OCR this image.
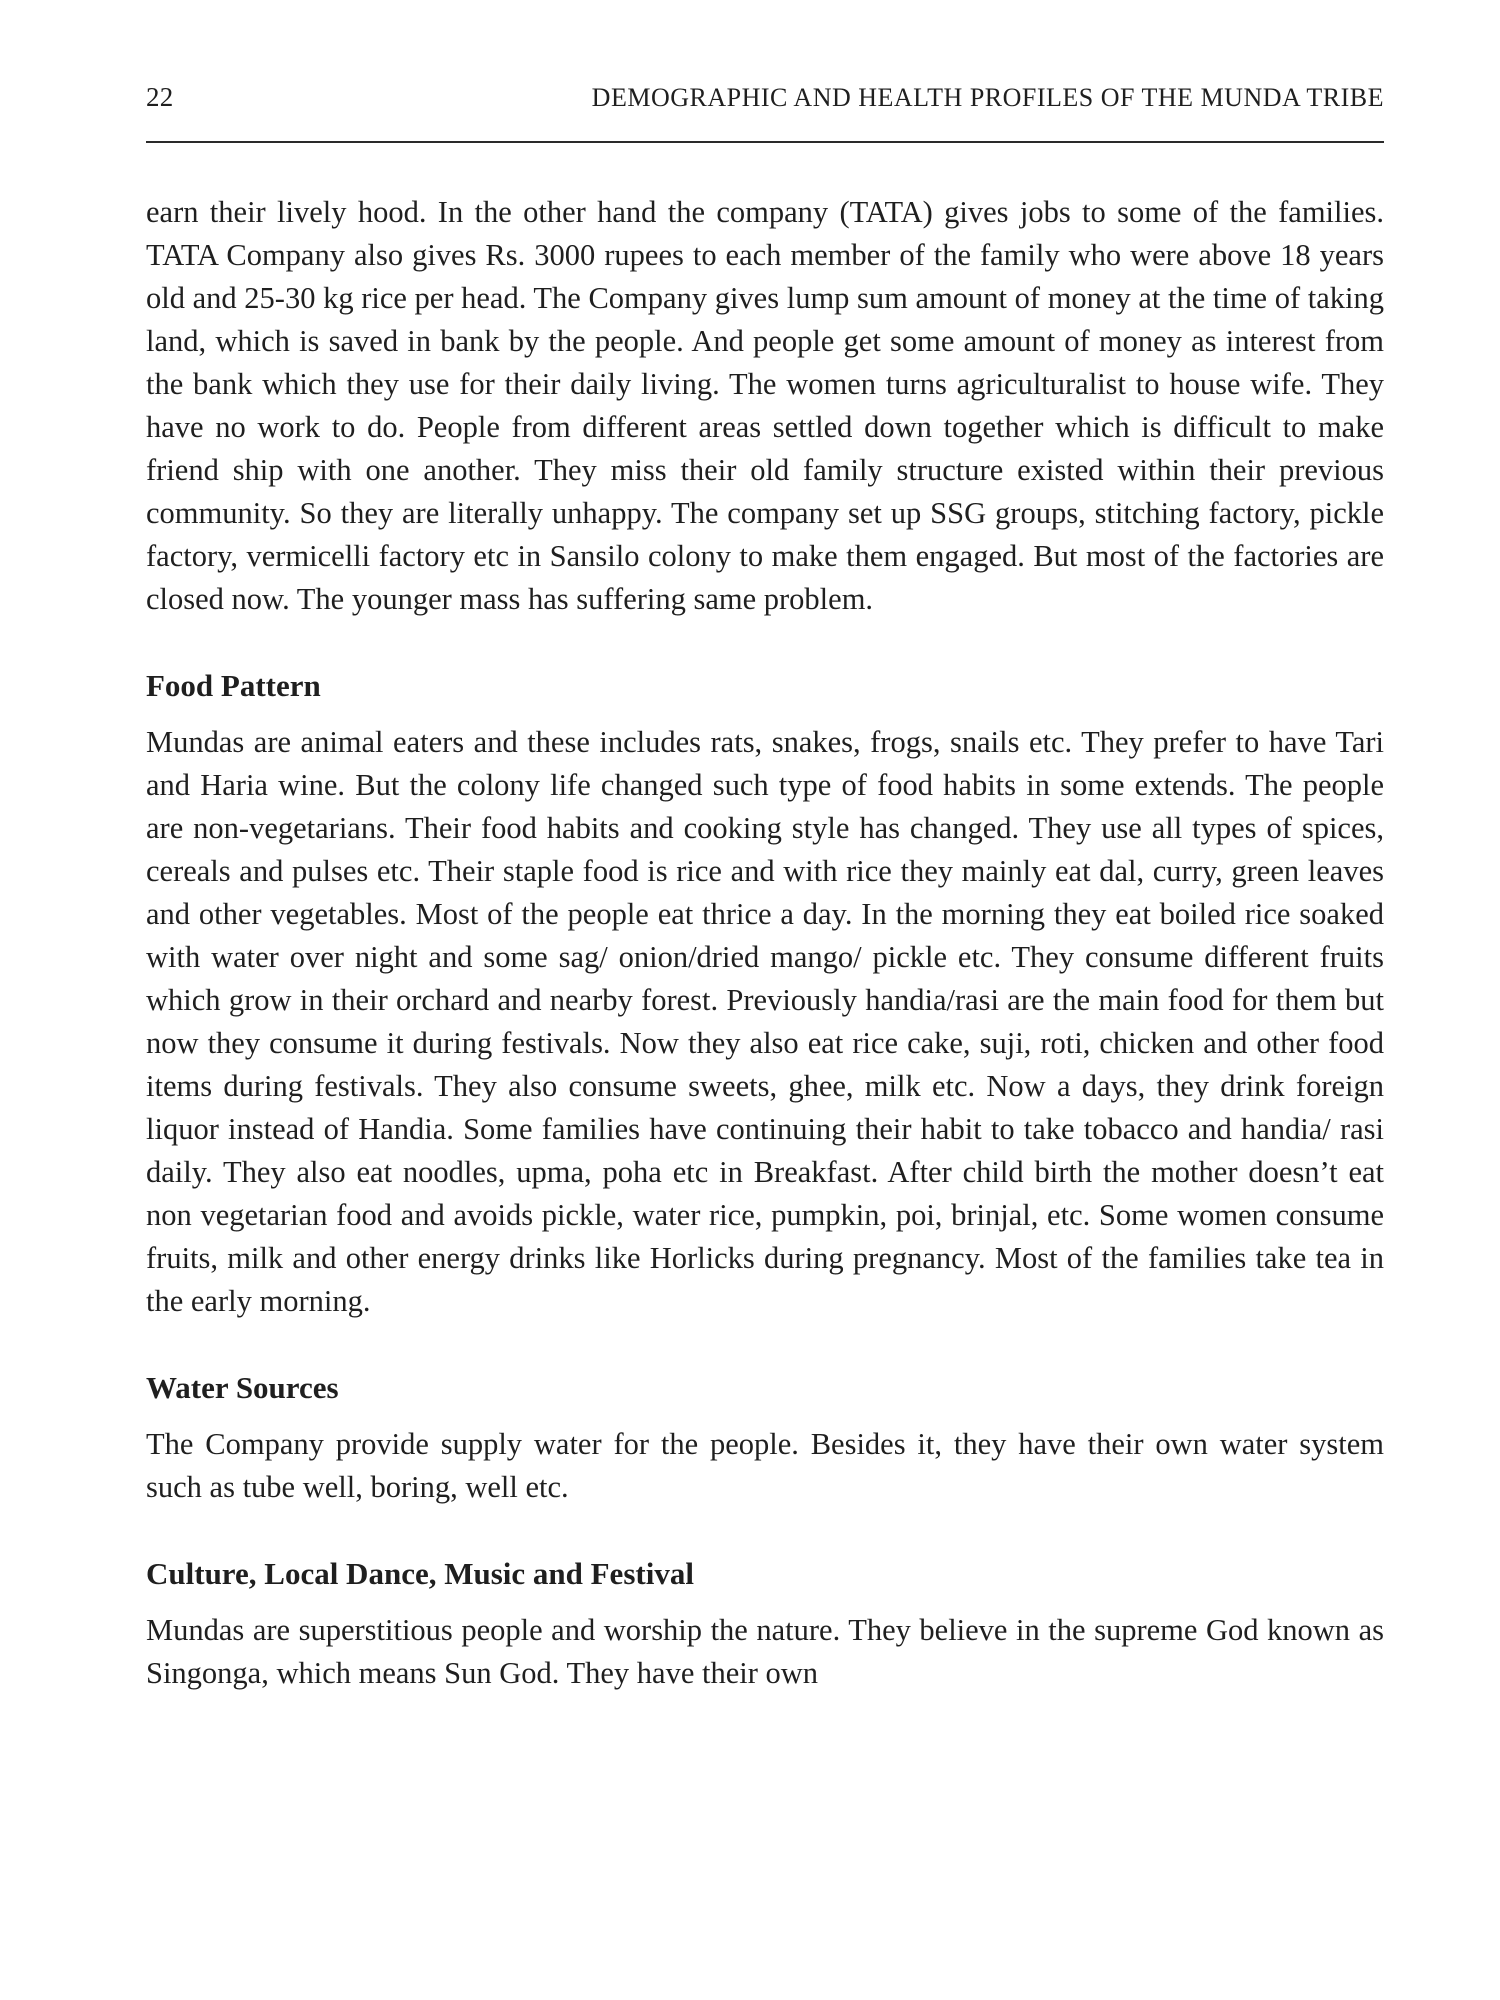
22	DEMOGRAPHIC AND HEALTH PROFILES OF THE MUNDA TRIBE

earn their lively hood. In the other hand the company (TATA) gives jobs to some of the families. TATA Company also gives Rs. 3000 rupees to each member of the family who were above 18 years old and 25-30 kg rice per head. The Company gives lump sum amount of money at the time of taking land, which is saved in bank by the people. And people get some amount of money as interest from the bank which they use for their daily living. The women turns agriculturalist to house wife. They have no work to do. People from different areas settled down together which is difficult to make friend ship with one another. They miss their old family structure existed within their previous community. So they are literally unhappy. The company set up SSG groups, stitching factory, pickle factory, vermicelli factory etc in Sansilo colony to make them engaged. But most of the factories are closed now. The younger mass has suffering same problem.

Food Pattern

Mundas are animal eaters and these includes rats, snakes, frogs, snails etc. They prefer to have Tari and Haria wine. But the colony life changed such type of food habits in some extends. The people are non-vegetarians. Their food habits and cooking style has changed. They use all types of spices, cereals and pulses etc. Their staple food is rice and with rice they mainly eat dal, curry, green leaves and other vegetables. Most of the people eat thrice a day. In the morning they eat boiled rice soaked with water over night and some sag/ onion/dried mango/ pickle etc. They consume different fruits which grow in their orchard and nearby forest. Previously handia/rasi are the main food for them but now they consume it during festivals. Now they also eat rice cake, suji, roti, chicken and other food items during festivals. They also consume sweets, ghee, milk etc. Now a days, they drink foreign liquor instead of Handia. Some families have continuing their habit to take tobacco and handia/ rasi daily. They also eat noodles, upma, poha etc in Breakfast. After child birth the mother doesn’t eat non vegetarian food and avoids pickle, water rice, pumpkin, poi, brinjal, etc. Some women consume fruits, milk and other energy drinks like Horlicks during pregnancy. Most of the families take tea in the early morning.

Water Sources

The Company provide supply water for the people. Besides it, they have their own water system such as tube well, boring, well etc.

Culture, Local Dance, Music and Festival

Mundas are superstitious people and worship the nature. They believe in the supreme God known as Singonga, which means Sun God. They have their own
